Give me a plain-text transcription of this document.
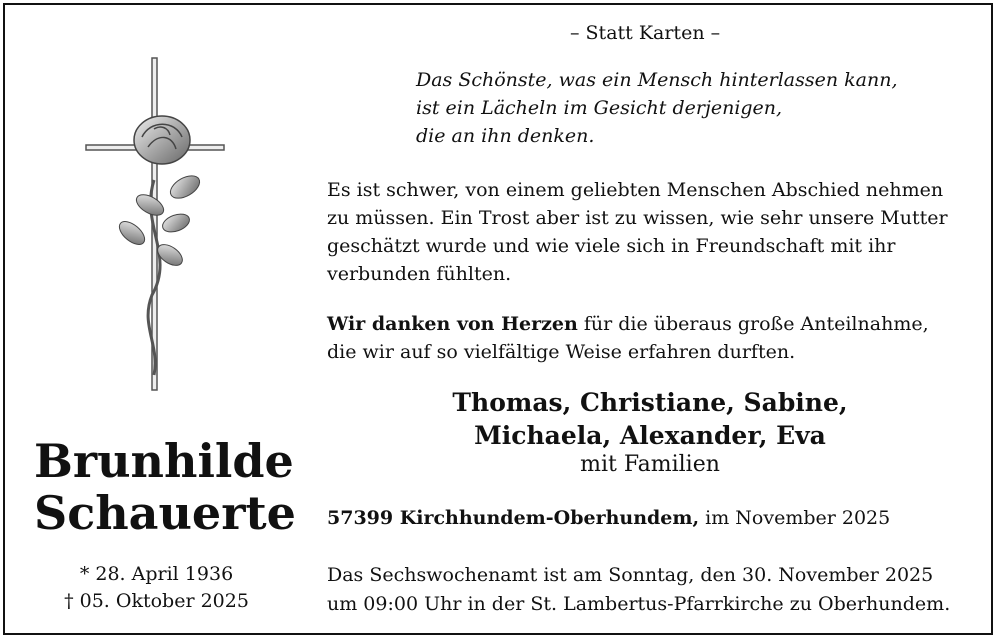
– Statt Karten –
Das Schönste, was ein Mensch hinterlassen kann,
ist ein Lächeln im Gesicht derjenigen,
die an ihn denken.
Es ist schwer, von einem geliebten Menschen Abschied nehmen
zu müssen. Ein Trost aber ist zu wissen, wie sehr unsere Mutter
geschätzt wurde und wie viele sich in Freundschaft mit ihr
verbunden fühlten.
Wir danken von Herzen für die überaus große Anteilnahme,
die wir auf so vielfältige Weise erfahren durften.
Thomas, Christiane, Sabine,
Michaela, Alexander, Eva
mit Familien
57399 Kirchhundem-Oberhundem, im November 2025
Das Sechswochenamt ist am Sonntag, den 30. November 2025
um 09:00 Uhr in der St. Lambertus-Pfarrkirche zu Oberhundem.
Brunhilde
Schauerte
* 28. April 1936
† 05. Oktober 2025
